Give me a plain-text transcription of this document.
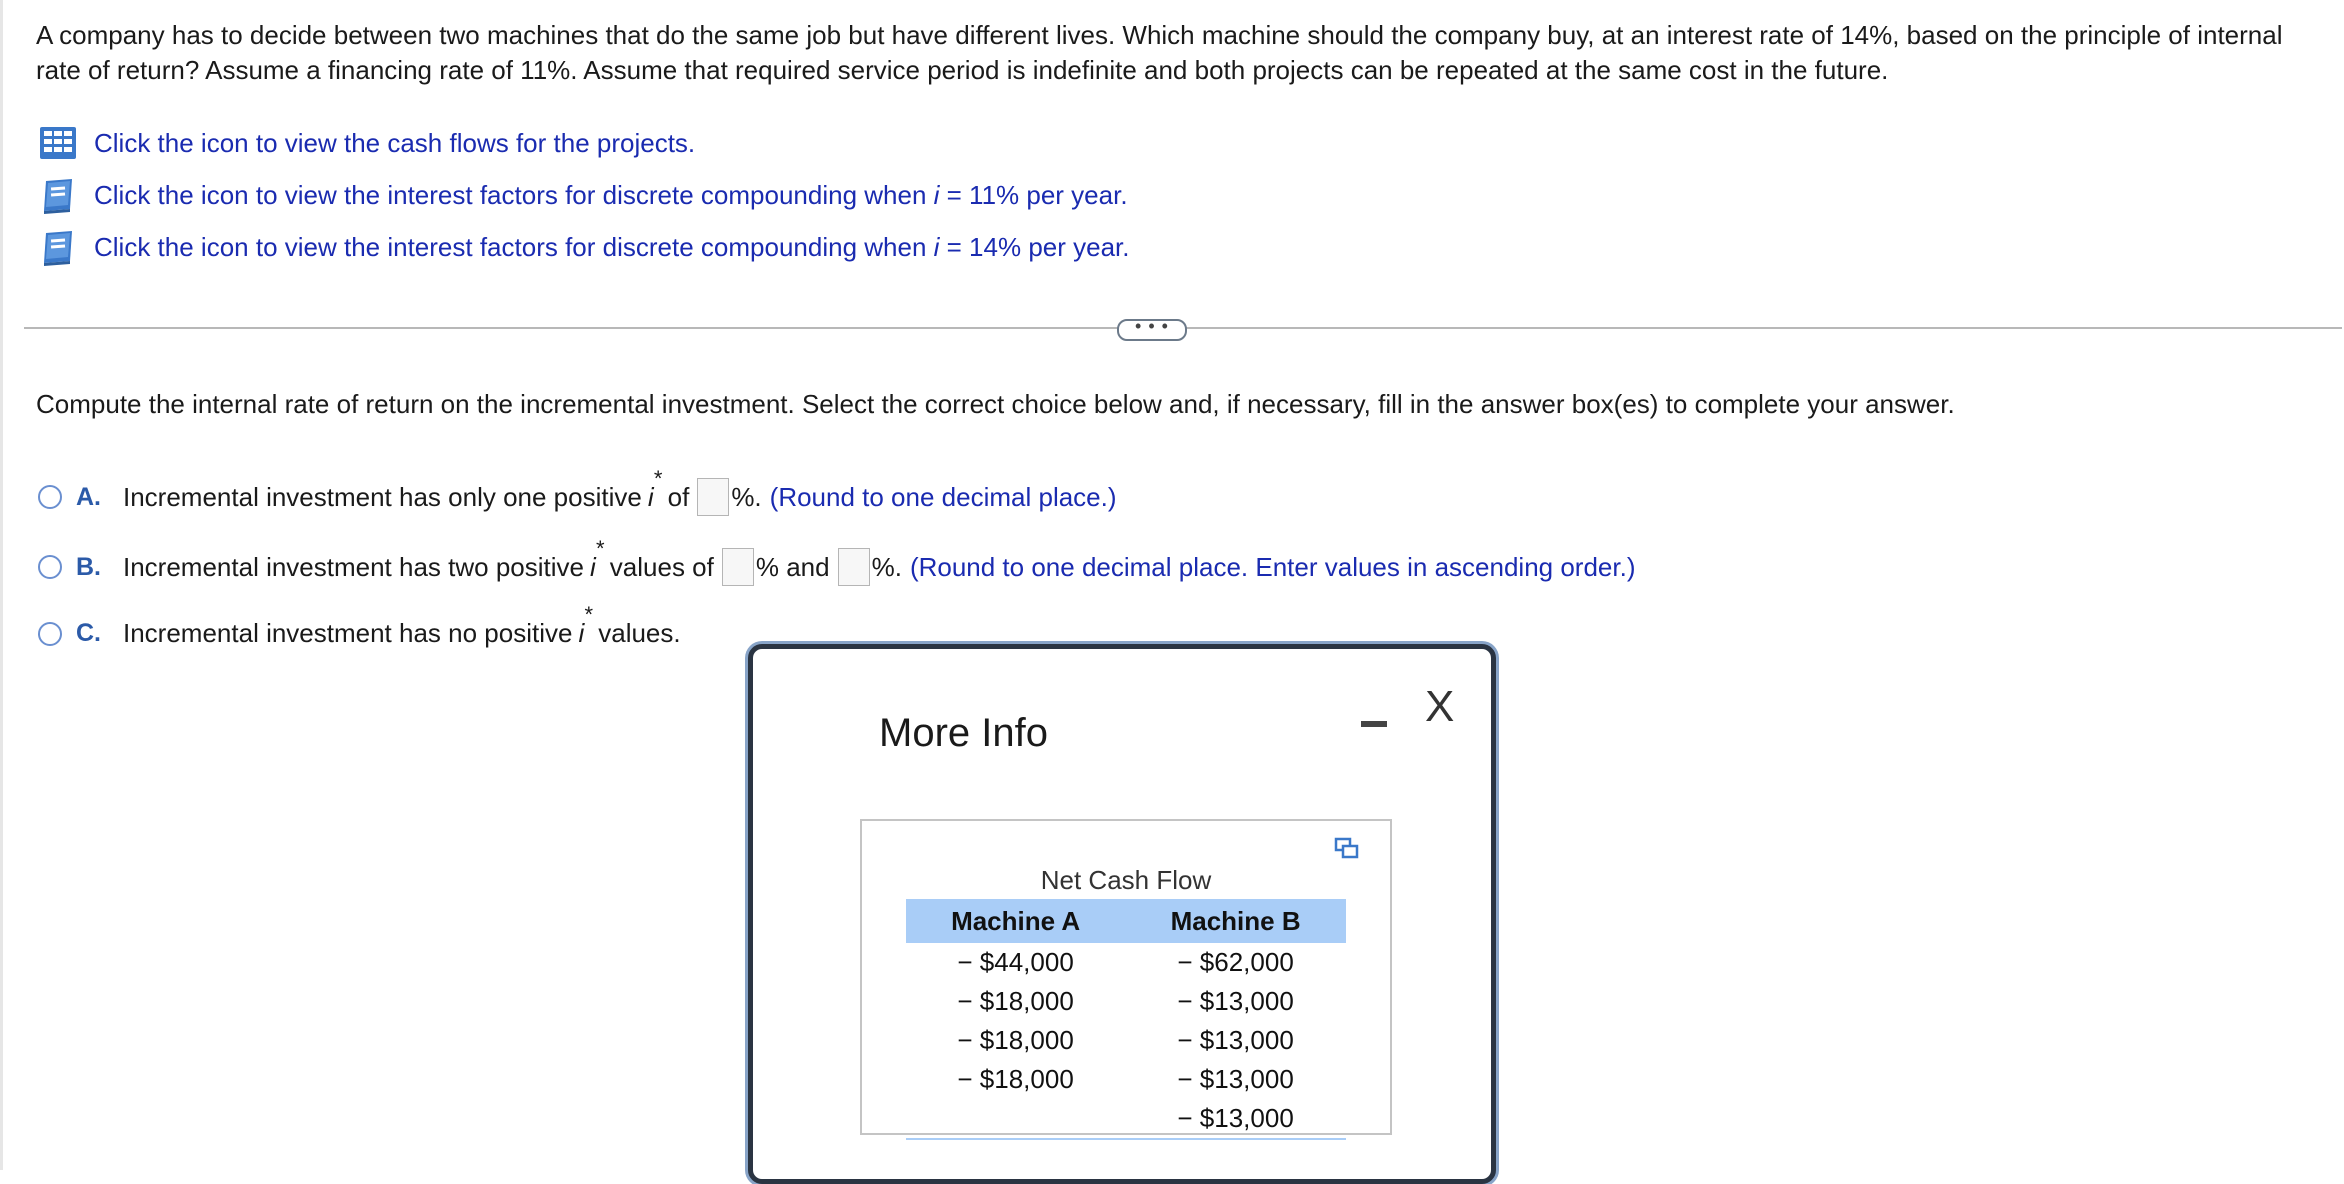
A company has to decide between two machines that do the same job but have different lives. Which machine should the company buy, at an interest rate of 14%, based on the principle of internal rate of return? Assume a financing rate of 11%. Assume that required service period is indefinite and both projects can be repeated at the same cost in the future.
Click the icon to view the cash flows for the projects.
Click the icon to view the interest factors for discrete compounding when i = 11% per year.
Click the icon to view the interest factors for discrete compounding when i = 14% per year.
• • •
Compute the internal rate of return on the incremental investment. Select the correct choice below and, if necessary, fill in the answer box(es) to complete your answer.
A. Incremental investment has only one positive i
*
of %. (Round to one decimal place.)
B. Incremental investment has two positive i
*
values of % and %. (Round to one decimal place. Enter values in ascending order.)
C. Incremental investment has no positive i
*
values.
More Info
X
Net Cash Flow
Machine A	Machine B
− $44,000	− $62,000
− $18,000	− $13,000
− $18,000	− $13,000
− $18,000	− $13,000
	− $13,000
